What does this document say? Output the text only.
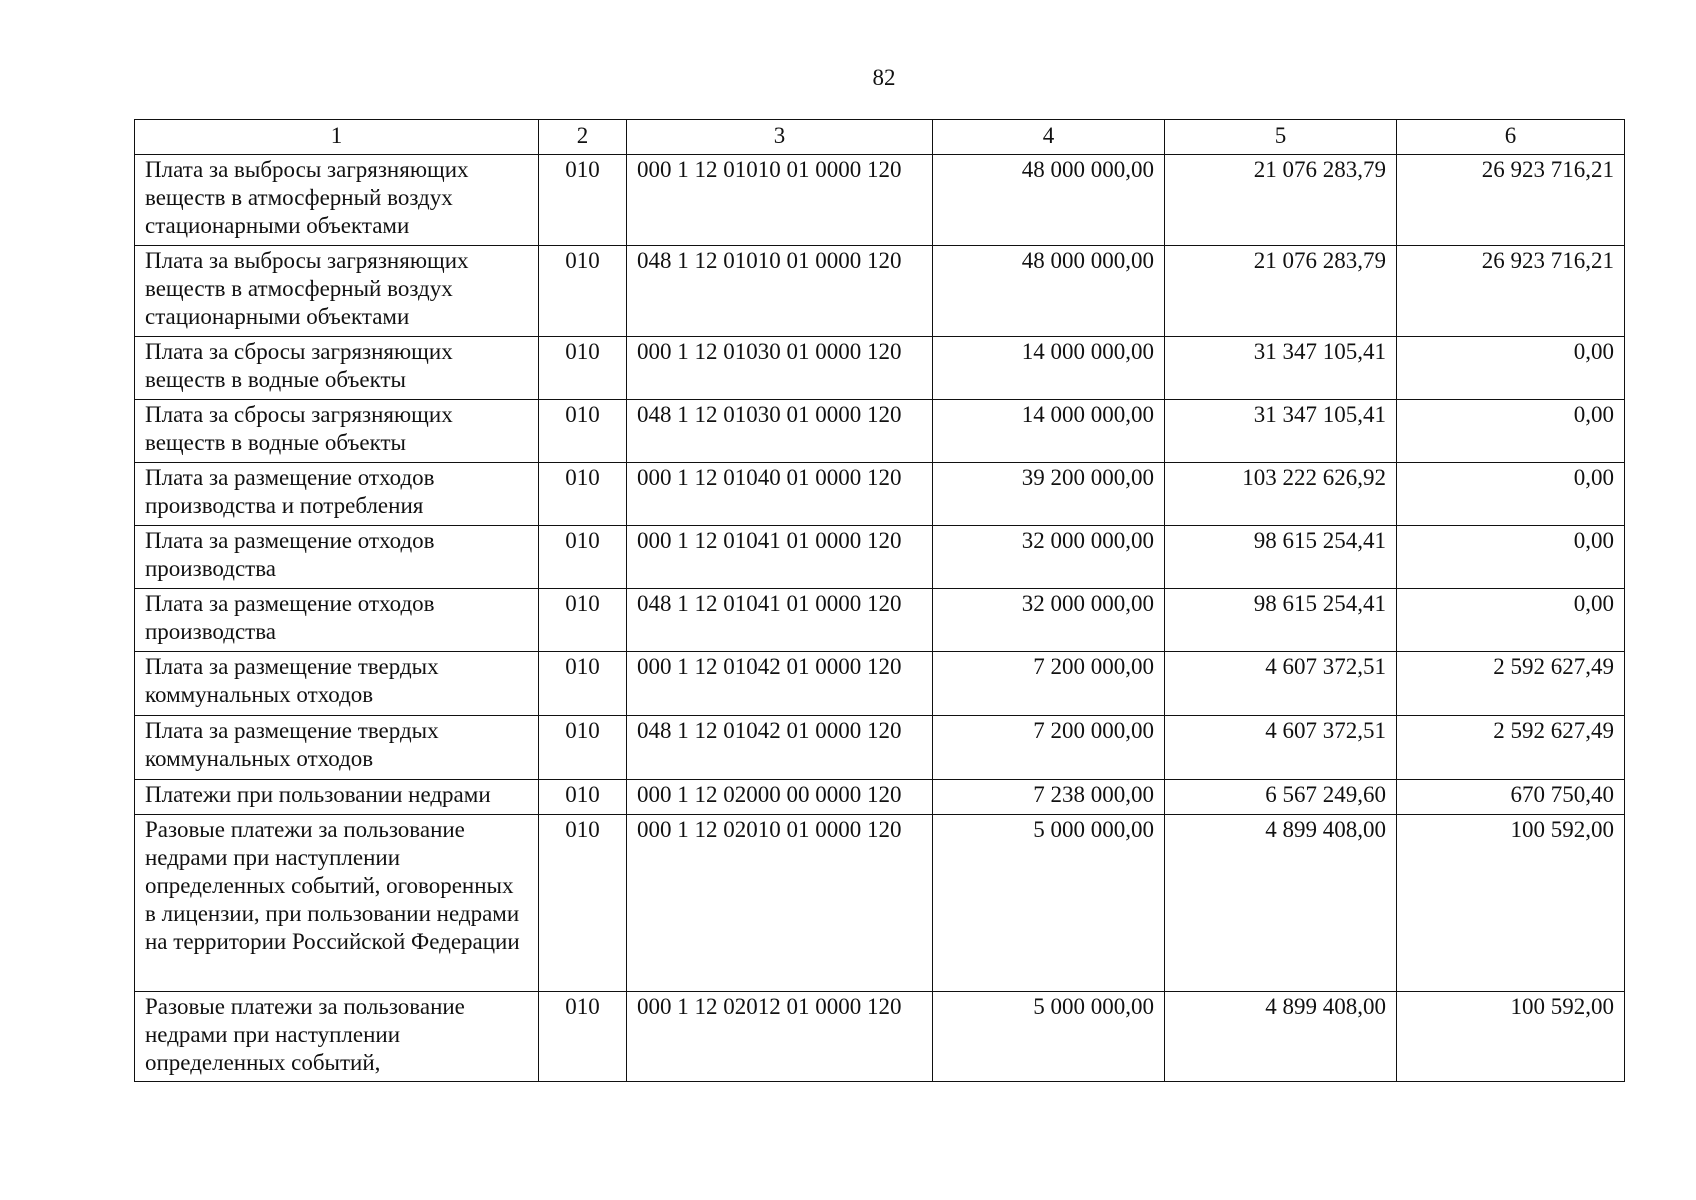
82
1	2	3	4	5	6
Плата за выбросы загрязняющих веществ в атмосферный воздух стационарными объектами	010	000 1 12 01010 01 0000 120	48 000 000,00	21 076 283,79	26 923 716,21
Плата за выбросы загрязняющих веществ в атмосферный воздух стационарными объектами	010	048 1 12 01010 01 0000 120	48 000 000,00	21 076 283,79	26 923 716,21
Плата за сбросы загрязняющих веществ в водные объекты	010	000 1 12 01030 01 0000 120	14 000 000,00	31 347 105,41	0,00
Плата за сбросы загрязняющих веществ в водные объекты	010	048 1 12 01030 01 0000 120	14 000 000,00	31 347 105,41	0,00
Плата за размещение отходов производства и потребления	010	000 1 12 01040 01 0000 120	39 200 000,00	103 222 626,92	0,00
Плата за размещение отходов производства	010	000 1 12 01041 01 0000 120	32 000 000,00	98 615 254,41	0,00
Плата за размещение отходов производства	010	048 1 12 01041 01 0000 120	32 000 000,00	98 615 254,41	0,00
Плата за размещение твердых коммунальных отходов	010	000 1 12 01042 01 0000 120	7 200 000,00	4 607 372,51	2 592 627,49
Плата за размещение твердых коммунальных отходов	010	048 1 12 01042 01 0000 120	7 200 000,00	4 607 372,51	2 592 627,49
Платежи при пользовании недрами	010	000 1 12 02000 00 0000 120	7 238 000,00	6 567 249,60	670 750,40
Разовые платежи за пользование недрами при наступлении определенных событий, оговоренных в лицензии, при пользовании недрами на территории Российской Федерации	010	000 1 12 02010 01 0000 120	5 000 000,00	4 899 408,00	100 592,00
Разовые платежи за пользование недрами при наступлении определенных событий,	010	000 1 12 02012 01 0000 120	5 000 000,00	4 899 408,00	100 592,00
